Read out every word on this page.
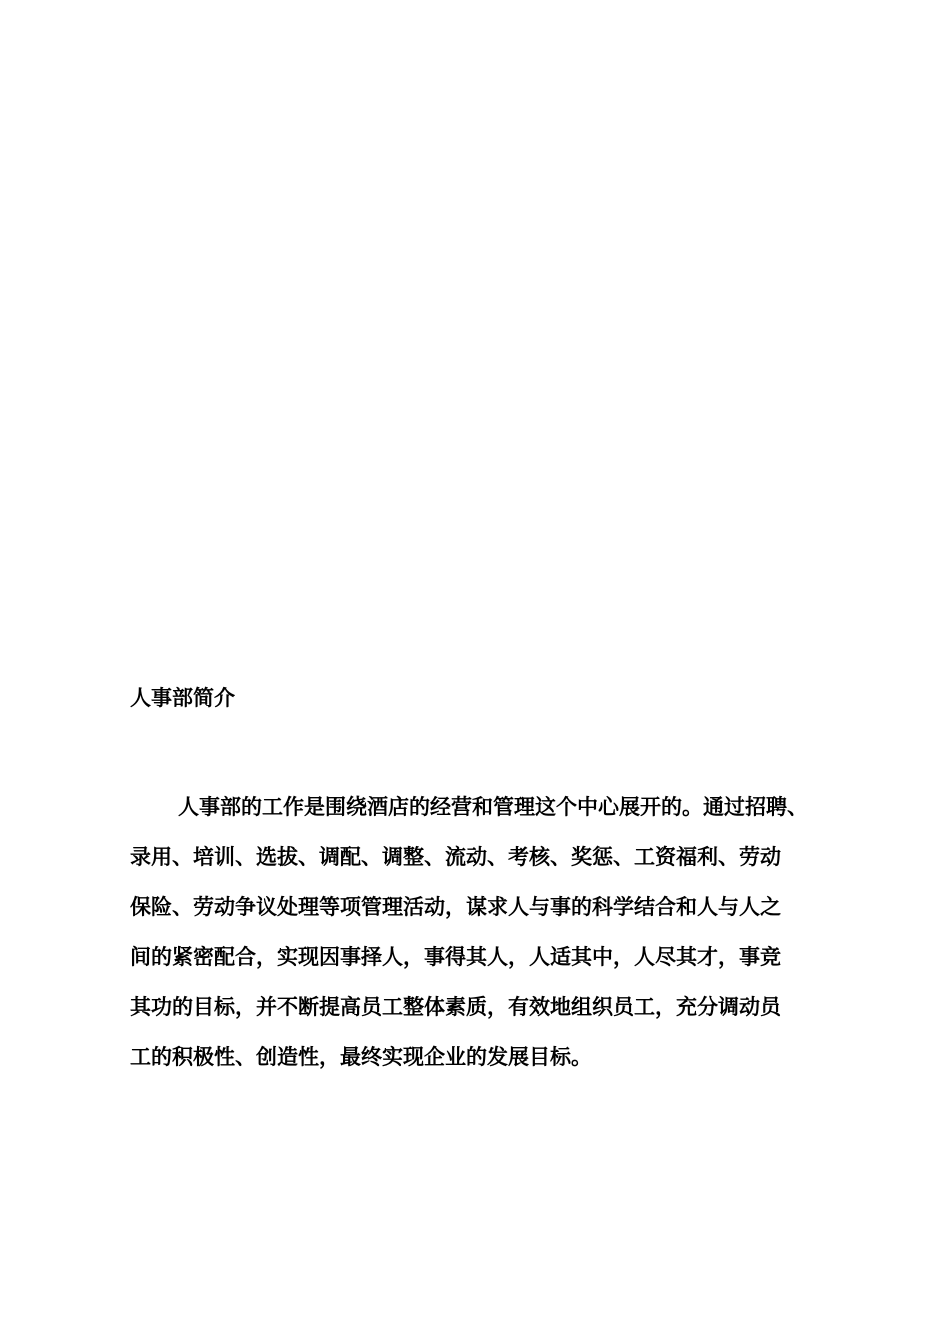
人事部简介
人事部的工作是围绕酒店的经营和管理这个中心展开的。通过招聘、
录用、培训、选拔、调配、调整、流动、考核、奖惩、工资福利、劳动
保险、劳动争议处理等项管理活动，谋求人与事的科学结合和人与人之
间的紧密配合，实现因事择人，事得其人，人适其中，人尽其才，事竞
其功的目标，并不断提高员工整体素质，有效地组织员工，充分调动员
工的积极性、创造性，最终实现企业的发展目标。
